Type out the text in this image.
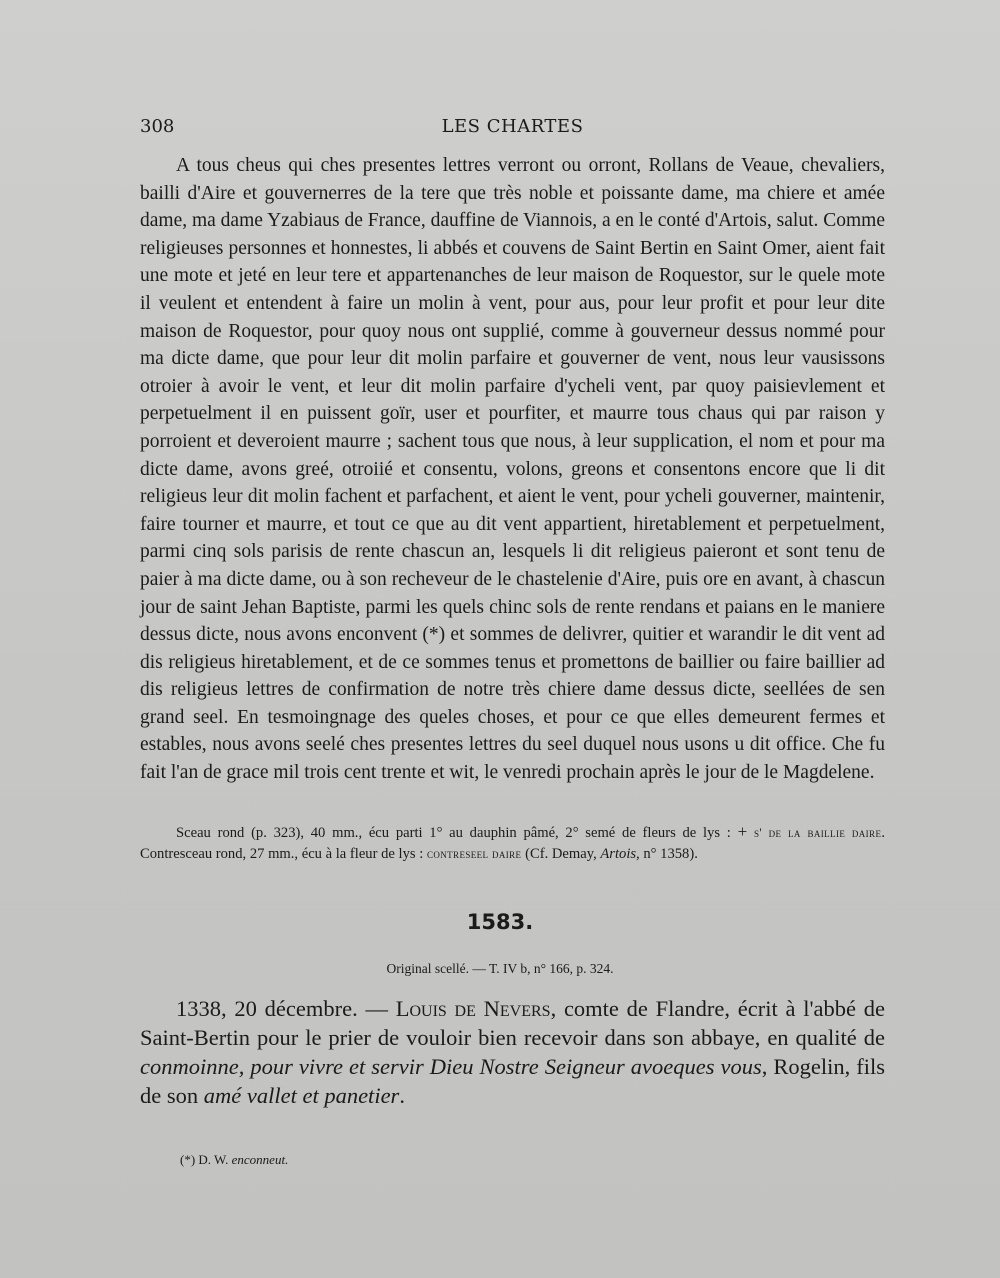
308	LES CHARTES

A tous cheus qui ches presentes lettres verront ou orront, Rollans de Veaue, chevaliers, bailli d'Aire et gouvernerres de la tere que très noble et poissante dame, ma chiere et amée dame, ma dame Yzabiaus de France, dauffine de Viannois, a en le conté d'Artois, salut. Comme religieuses personnes et honnestes, li abbés et couvens de Saint Bertin en Saint Omer, aient fait une mote et jeté en leur tere et appartenanches de leur maison de Roquestor, sur le quele mote il veulent et entendent à faire un molin à vent, pour aus, pour leur profit et pour leur dite maison de Roquestor, pour quoy nous ont supplié, comme à gouverneur dessus nommé pour ma dicte dame, que pour leur dit molin parfaire et gouverner de vent, nous leur vausissons otroier à avoir le vent, et leur dit molin parfaire d'ycheli vent, par quoy paisievlement et perpetuelment il en puissent goïr, user et pourfiter, et maurre tous chaus qui par raison y porroient et deveroient maurre ; sachent tous que nous, à leur supplication, el nom et pour ma dicte dame, avons greé, otroiié et consentu, volons, greons et consentons encore que li dit religieus leur dit molin fachent et parfachent, et aient le vent, pour ycheli gouverner, maintenir, faire tourner et maurre, et tout ce que au dit vent appartient, hiretablement et perpetuelment, parmi cinq sols parisis de rente chascun an, lesquels li dit religieus paieront et sont tenu de paier à ma dicte dame, ou à son recheveur de le chastelenie d'Aire, puis ore en avant, à chascun jour de saint Jehan Baptiste, parmi les quels chinc sols de rente rendans et paians en le maniere dessus dicte, nous avons enconvent (*) et sommes de delivrer, quitier et warandir le dit vent ad dis religieus hiretablement, et de ce sommes tenus et promettons de baillier ou faire baillier ad dis religieus lettres de confirmation de notre très chiere dame dessus dicte, seellées de sen grand seel. En tesmoingnage des queles choses, et pour ce que elles demeurent fermes et estables, nous avons seelé ches presentes lettres du seel duquel nous usons u dit office. Che fu fait l'an de grace mil trois cent trente et wit, le venredi prochain après le jour de le Magdelene.

Sceau rond (p. 323), 40 mm., écu parti 1° au dauphin pâmé, 2° semé de fleurs de lys : + s' de la baillie daire. Contresceau rond, 27 mm., écu à la fleur de lys : contreseel daire (Cf. Demay, Artois, n° 1358).

1583.
Original scellé. — T. IV b, n° 166, p. 324.

1338, 20 décembre. — Louis de Nevers, comte de Flandre, écrit à l'abbé de Saint-Bertin pour le prier de vouloir bien recevoir dans son abbaye, en qualité de conmoinne, pour vivre et servir Dieu Nostre Seigneur avoeques vous, Rogelin, fils de son amé vallet et panetier.

(*) D. W. enconneut.
